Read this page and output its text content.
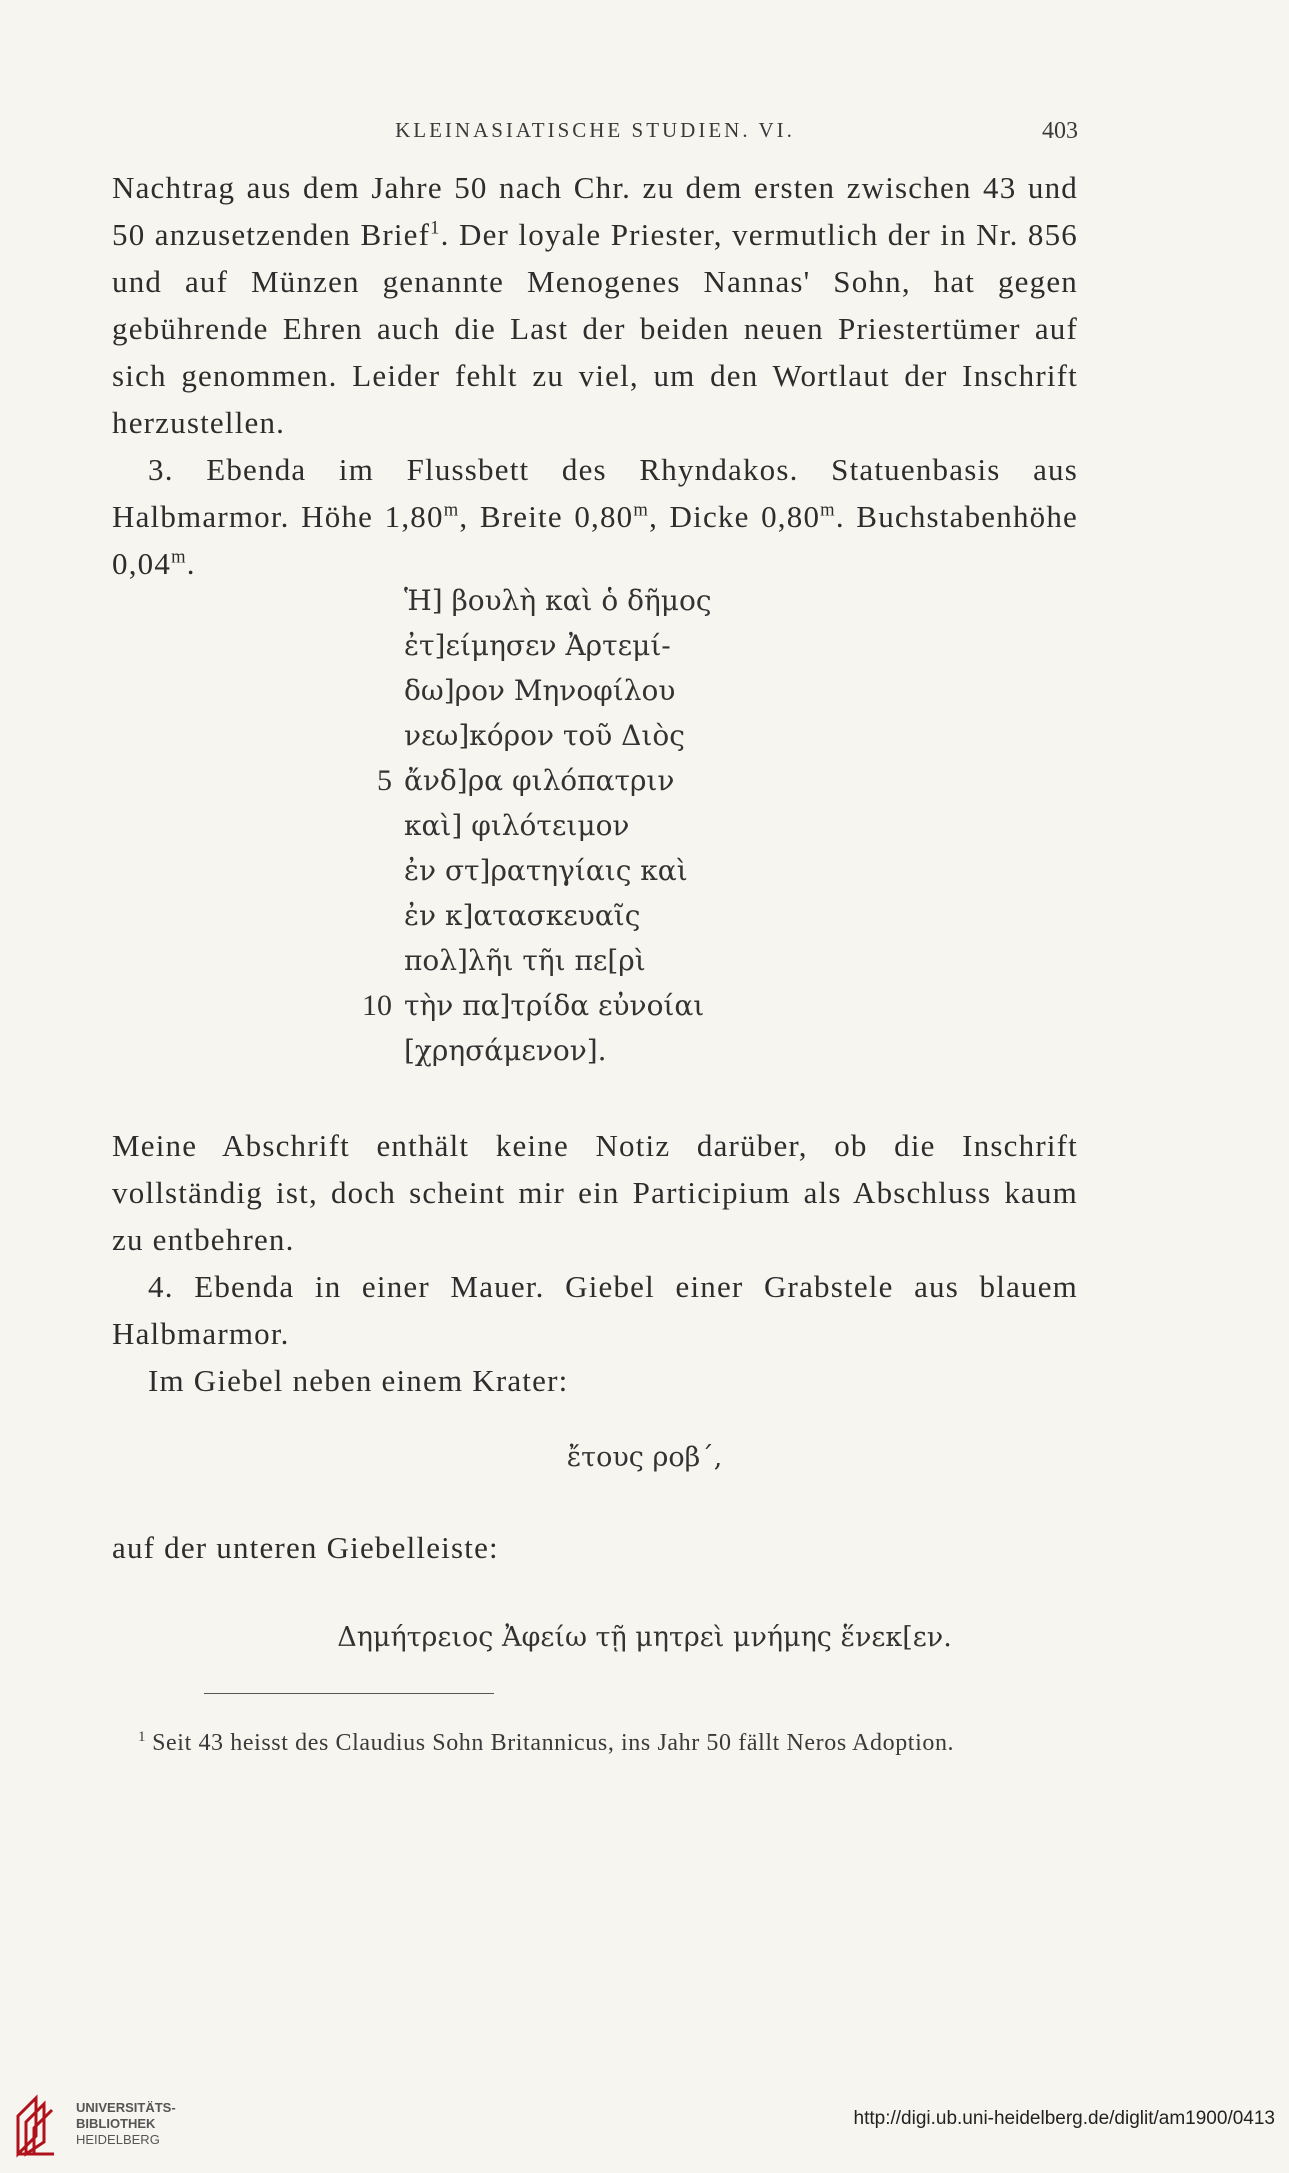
KLEINASIATISCHE STUDIEN. VI.	403

Nachtrag aus dem Jahre 50 nach Chr. zu dem ersten zwischen 43 und 50 anzusetzenden Brief$^1$. Der loyale Priester, vermutlich der in Nr. 856 und auf Münzen genannte Menogenes Nannas' Sohn, hat gegen gebührende Ehren auch die Last der beiden neuen Priestertümer auf sich genommen. Leider fehlt zu viel, um den Wortlaut der Inschrift herzustellen.

3. Ebenda im Flussbett des Rhyndakos. Statuenbasis aus Halbmarmor. Höhe 1,80$^m$, Breite 0,80$^m$, Dicke 0,80$^m$. Buchstabenhöhe 0,04$^m$.

Ἡ] βουλὴ καὶ ὁ δῆμος
ἐτ]είμησεν Ἀρτεμί-
δω]ρον Μηνοφίλου
νεω]κόρον τοῦ Διὸς
5 ἄνδ]ρα φιλόπατριν
καὶ] φιλότειμον
ἐν στ]ρατηγίαις καὶ
ἐν κ]ατασκευαῖς
πολ]λῆι τῆι πε[ρὶ
10 τὴν πα]τρίδα εὐνοίαι
[χρησάμενον].

Meine Abschrift enthält keine Notiz darüber, ob die Inschrift vollständig ist, doch scheint mir ein Participium als Abschluss kaum zu entbehren.

4. Ebenda in einer Mauer. Giebel einer Grabstele aus blauem Halbmarmor.

Im Giebel neben einem Krater:

ἔτους ροβ΄,

auf der unteren Giebelleiste:

Δημήτρειος Ἀφείω τῇ μητρεὶ μνήμης ἕνεκ[εν.
$^1$ Seit 43 heisst des Claudius Sohn Britannicus, ins Jahr 50 fällt Neros Adoption.
UNIVERSITÄTS-
BIBLIOTHEK
HEIDELBERG
http://digi.ub.uni-heidelberg.de/diglit/am1900/0413
